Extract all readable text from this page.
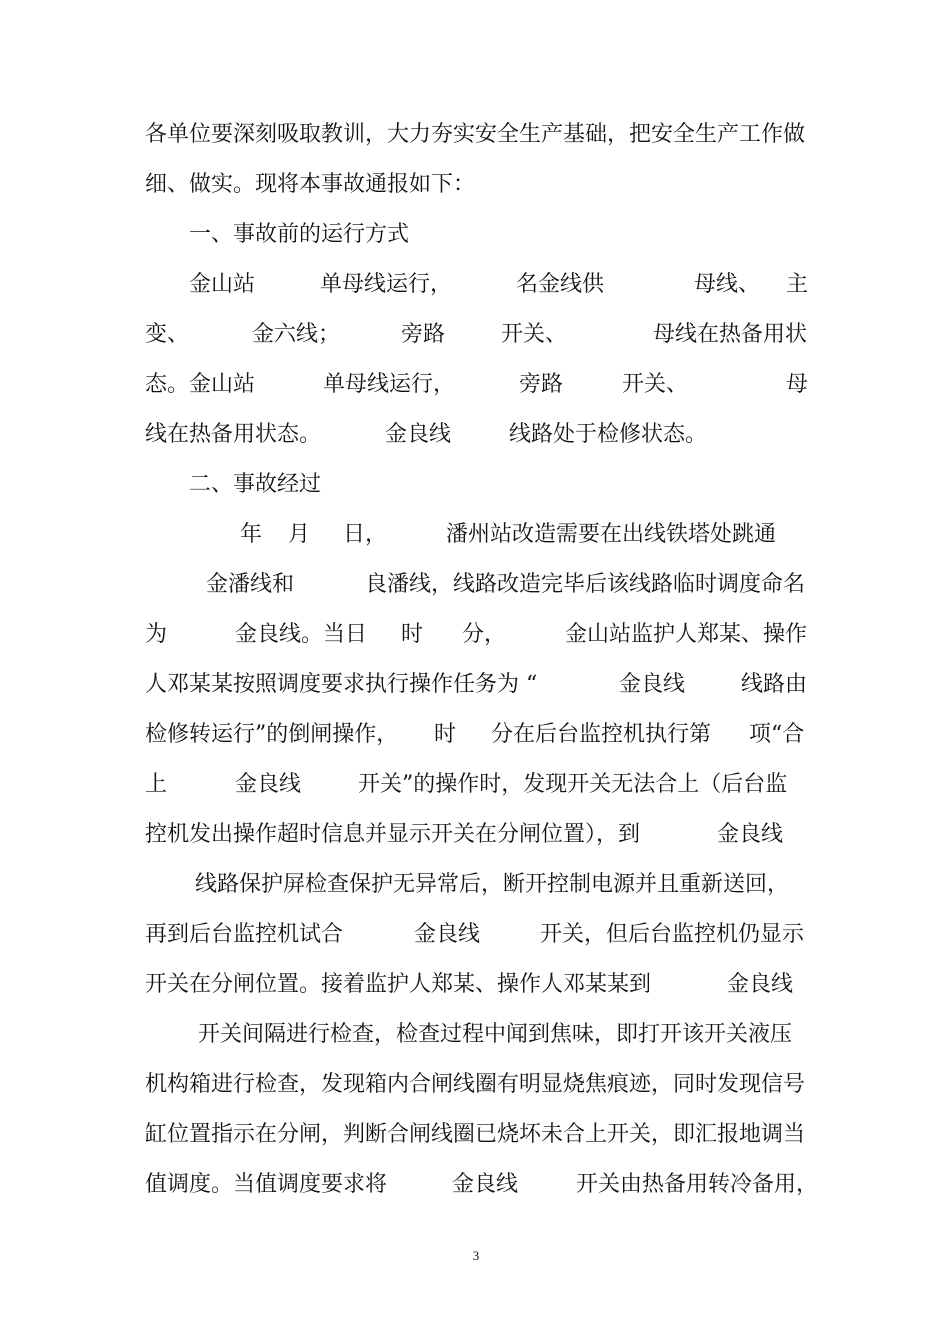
各单位要深刻吸取教训，大力夯实安全生产基础，把安全生产工作做

细、做实。现将本事故通报如下：

一、事故前的运行方式

金山站

	单母线运行，

	名金线供

	母线、

主

变、

	金六线；

	旁路

	开关、

	母线在热备用状

态。金山站

	单母线运行，

	旁路

	开关、

	母

线在热备用状态。

	金良线

	线路处于检修状态。

二、事故经过

年

月

日，

	潘州站改造需要在出线铁塔处跳通

金潘线和

	良潘线，线路改造完毕后该线路临时调度命名

为

	金良线。当日

时

分，

	金山站监护人郑某、操作

人邓某某按照调度要求执行操作任务为 “

	金良线

	线路由

检修转运行”的倒闸操作，

时

分在后台监控机执行第

项“合

上

	金良线

	开关”的操作时，发现开关无法合上（后台监

控机发出操作超时信息并显示开关在分闸位置），到

	金良线

线路保护屏检查保护无异常后，断开控制电源并且重新送回，

再到后台监控机试合

	金良线

	开关，但后台监控机仍显示

开关在分闸位置。接着监护人郑某、操作人邓某某到

	金良线

开关间隔进行检查，检查过程中闻到焦味，即打开该开关液压

机构箱进行检查，发现箱内合闸线圈有明显烧焦痕迹，同时发现信号

缸位置指示在分闸，判断合闸线圈已烧坏未合上开关，即汇报地调当

值调度。当值调度要求将

	金良线

	开关由热备用转冷备用，

3
